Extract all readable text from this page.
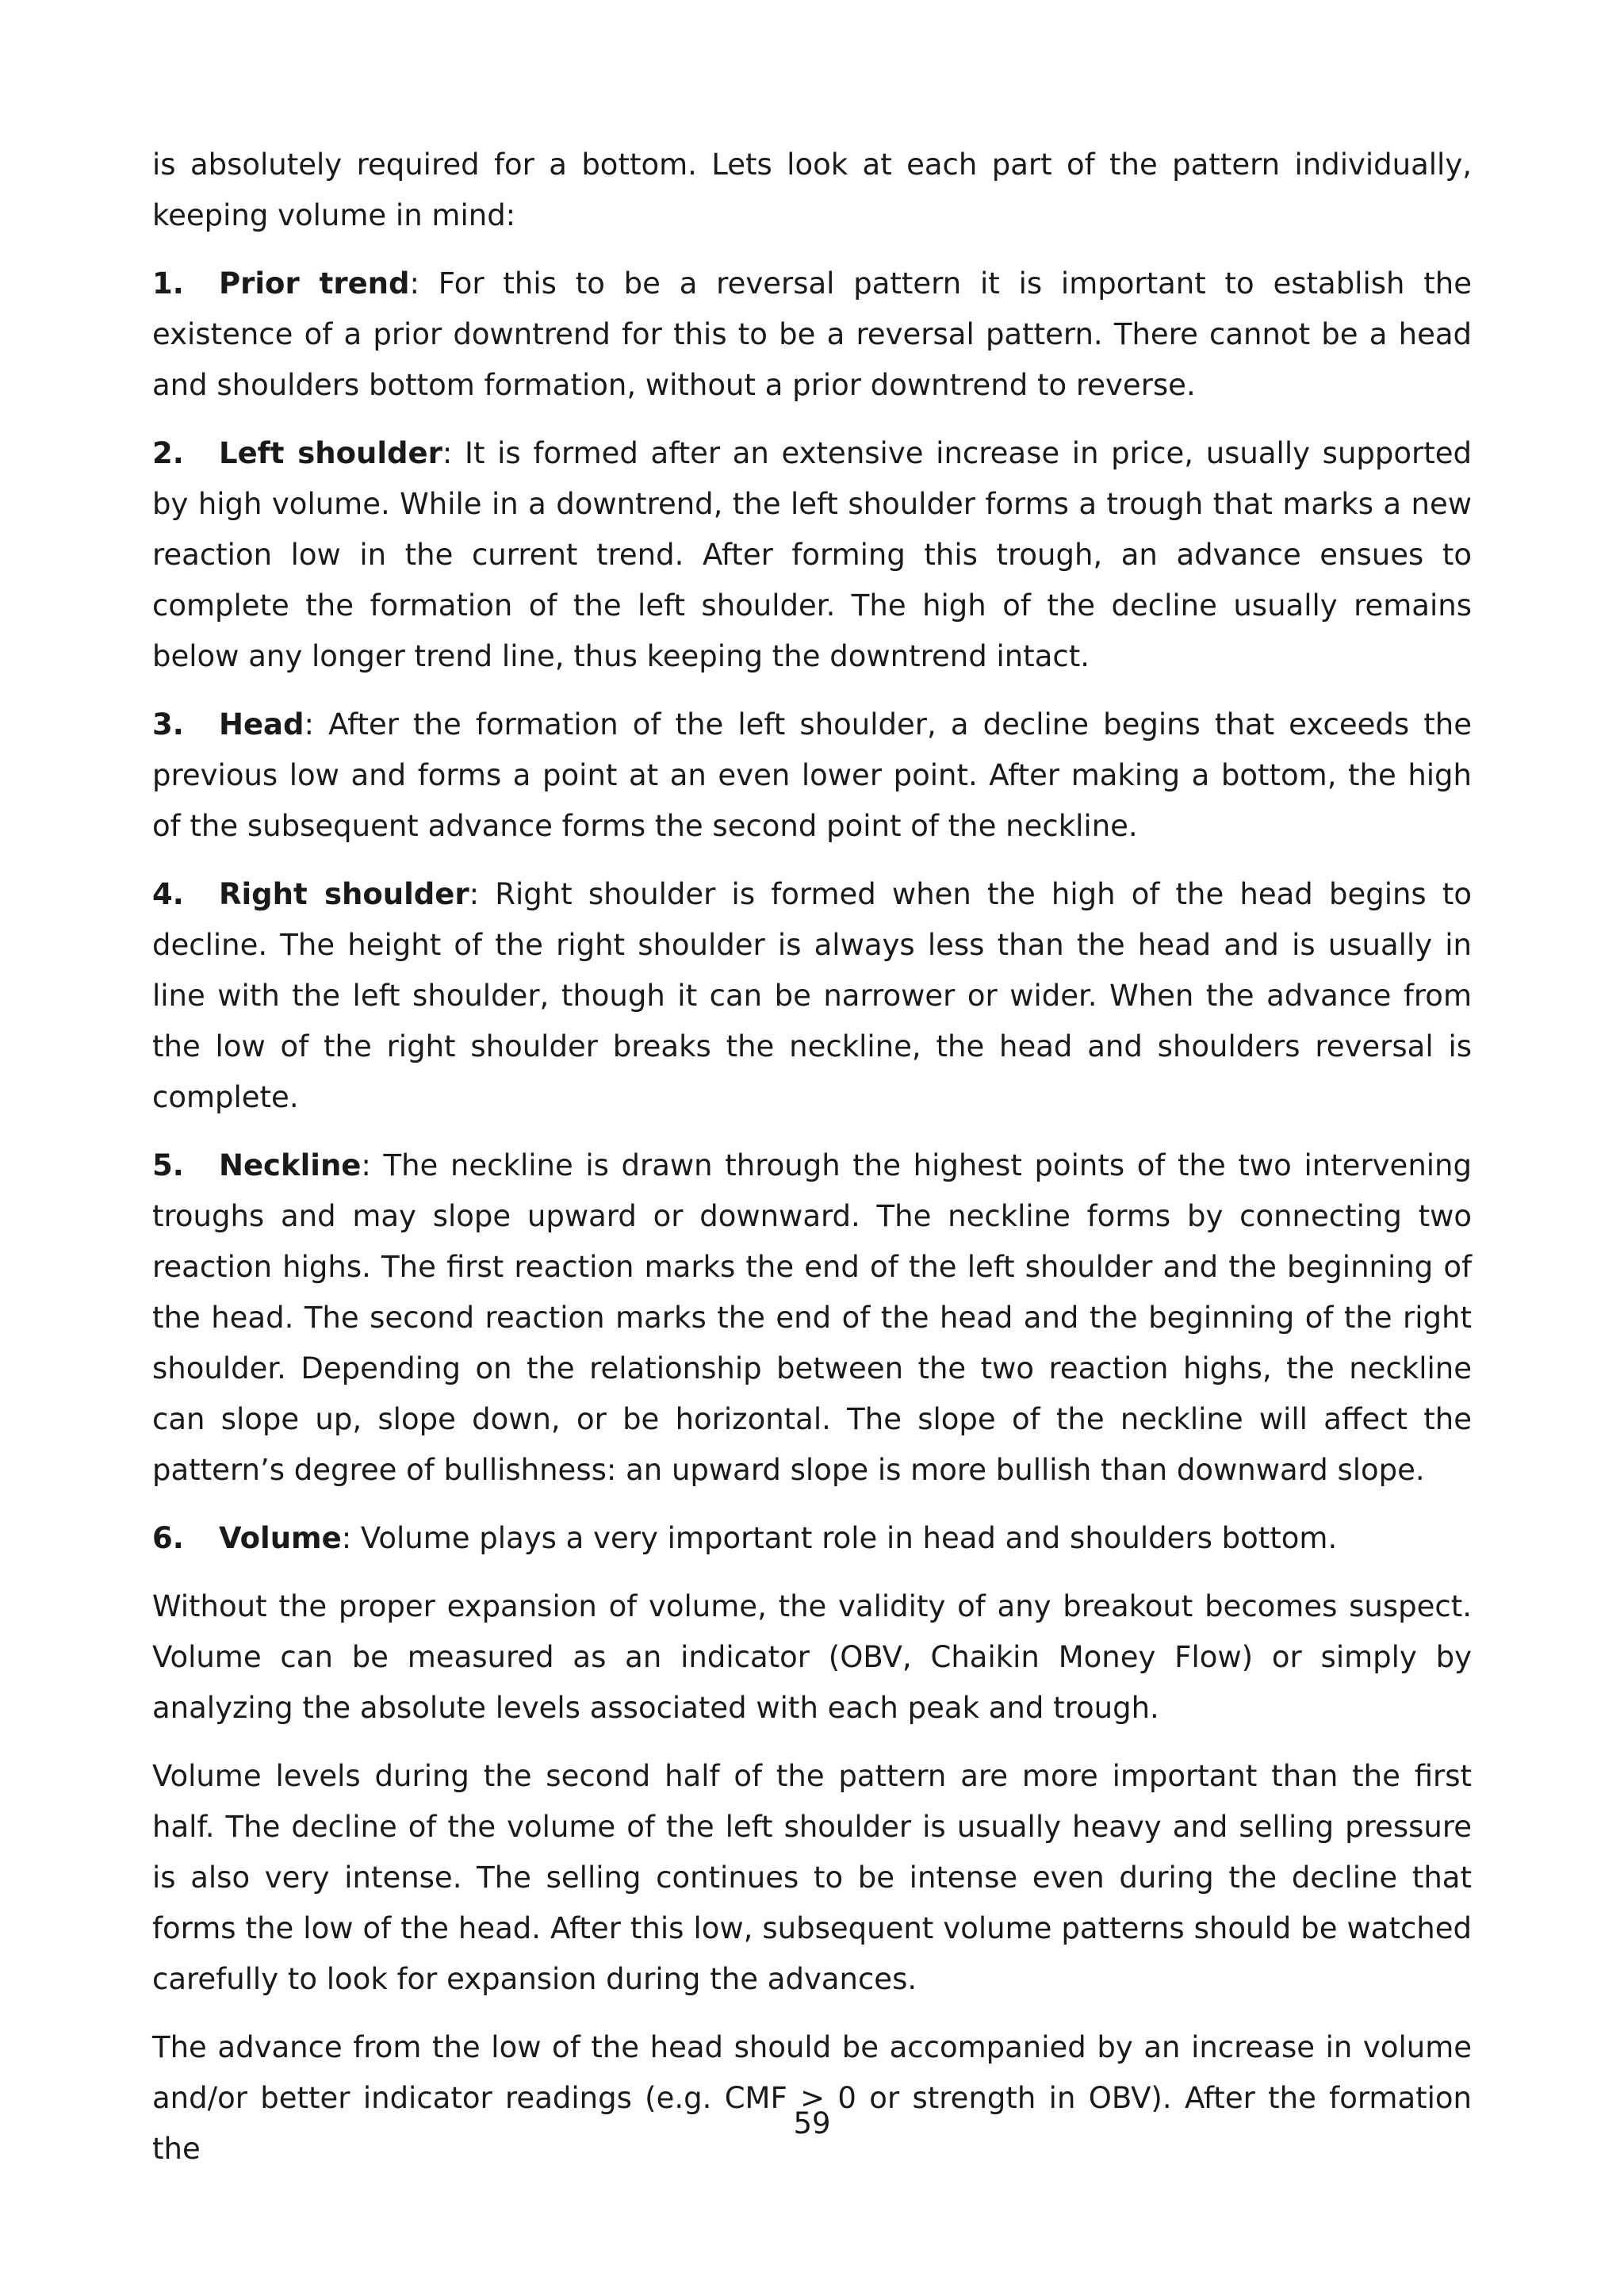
is absolutely required for a bottom. Lets look at each part of the pattern individually, keeping volume in mind:

1. Prior trend: For this to be a reversal pattern it is important to establish the existence of a prior downtrend for this to be a reversal pattern. There cannot be a head and shoulders bottom formation, without a prior downtrend to reverse.

2. Left shoulder: It is formed after an extensive increase in price, usually supported by high volume. While in a downtrend, the left shoulder forms a trough that marks a new reaction low in the current trend. After forming this trough, an advance ensues to complete the formation of the left shoulder. The high of the decline usually remains below any longer trend line, thus keeping the downtrend intact.

3. Head: After the formation of the left shoulder, a decline begins that exceeds the previous low and forms a point at an even lower point. After making a bottom, the high of the subsequent advance forms the second point of the neckline.

4. Right shoulder: Right shoulder is formed when the high of the head begins to decline. The height of the right shoulder is always less than the head and is usually in line with the left shoulder, though it can be narrower or wider. When the advance from the low of the right shoulder breaks the neckline, the head and shoulders reversal is complete.

5. Neckline: The neckline is drawn through the highest points of the two intervening troughs and may slope upward or downward. The neckline forms by connecting two reaction highs. The first reaction marks the end of the left shoulder and the beginning of the head. The second reaction marks the end of the head and the beginning of the right shoulder. Depending on the relationship between the two reaction highs, the neckline can slope up, slope down, or be horizontal. The slope of the neckline will affect the pattern’s degree of bullishness: an upward slope is more bullish than downward slope.

6. Volume: Volume plays a very important role in head and shoulders bottom.

Without the proper expansion of volume, the validity of any breakout becomes suspect. Volume can be measured as an indicator (OBV, Chaikin Money Flow) or simply by analyzing the absolute levels associated with each peak and trough.

Volume levels during the second half of the pattern are more important than the first half. The decline of the volume of the left shoulder is usually heavy and selling pressure is also very intense. The selling continues to be intense even during the decline that forms the low of the head. After this low, subsequent volume patterns should be watched carefully to look for expansion during the advances.

The advance from the low of the head should be accompanied by an increase in volume and/or better indicator readings (e.g. CMF > 0 or strength in OBV). After the formation the

59
